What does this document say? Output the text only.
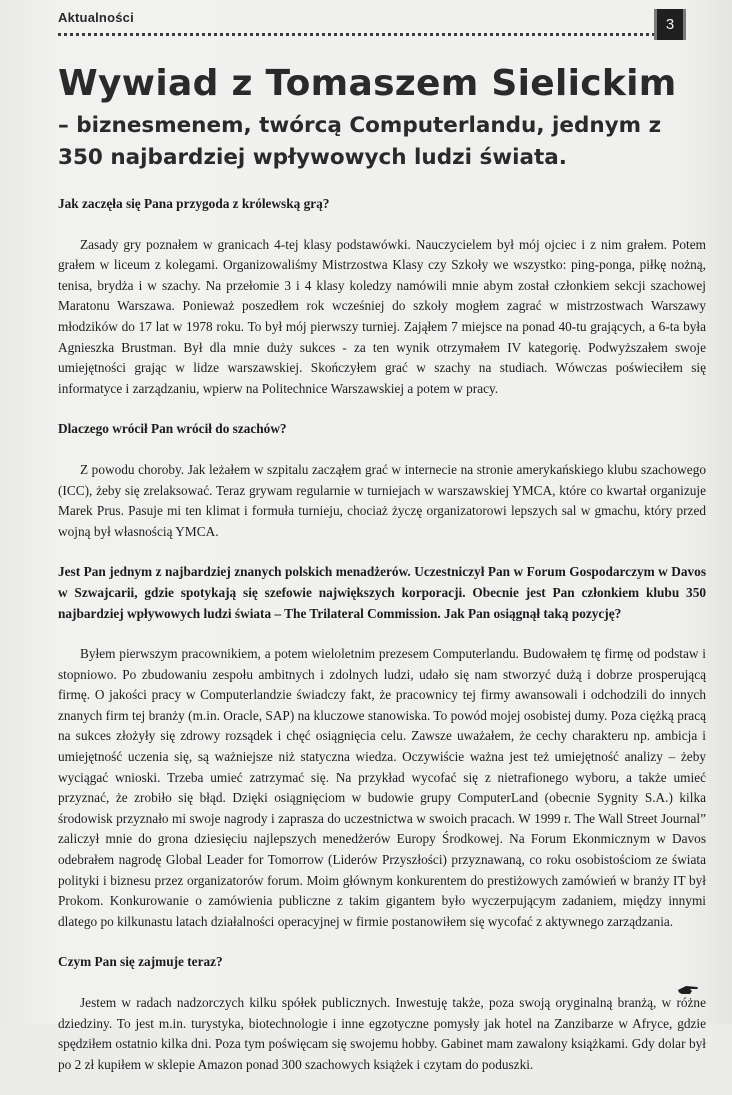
Aktualności	3
Wywiad z Tomaszem Sielickim
– biznesmenem, twórcą Computerlandu, jednym z 350 najbardziej wpływowych ludzi świata.

Jak zaczęła się Pana przygoda z królewską grą?

Zasady gry poznałem w granicach 4-tej klasy podstawówki. Nauczycielem był mój ojciec i z nim grałem. Potem grałem w liceum z kolegami. Organizowaliśmy Mistrzostwa Klasy czy Szkoły we wszystko: ping-ponga, piłkę nożną, tenisa, brydża i w szachy. Na przełomie 3 i 4 klasy koledzy namówili mnie abym został członkiem sekcji szachowej Maratonu Warszawa. Ponieważ poszedłem rok wcześniej do szkoły mogłem zagrać w mistrzostwach Warszawy młodzików do 17 lat w 1978 roku. To był mój pierwszy turniej. Zająłem 7 miejsce na ponad 40-tu grających, a 6-ta była Agnieszka Brustman. Był dla mnie duży sukces - za ten wynik otrzymałem IV kategorię. Podwyższałem swoje umiejętności grając w lidze warszawskiej. Skończyłem grać w szachy na studiach. Wówczas poświeciłem się informatyce i zarządzaniu, wpierw na Politechnice Warszawskiej a potem w pracy.

Dlaczego wrócił Pan wrócił do szachów?

Z powodu choroby. Jak leżałem w szpitalu zacząłem grać w internecie na stronie amerykańskiego klubu szachowego (ICC), żeby się zrelaksować. Teraz grywam regularnie w turniejach w warszawskiej YMCA, które co kwartał organizuje Marek Prus. Pasuje mi ten klimat i formuła turnieju, chociaż życzę organizatorowi lepszych sal w gmachu, który przed wojną był własnością YMCA.

Jest Pan jednym z najbardziej znanych polskich menadżerów. Uczestniczył Pan w Forum Gospodarczym w Davos w Szwajcarii, gdzie spotykają się szefowie największych korporacji. Obecnie jest Pan członkiem klubu 350 najbardziej wpływowych ludzi świata – The Trilateral Commission. Jak Pan osiągnął taką pozycję?

Byłem pierwszym pracownikiem, a potem wieloletnim prezesem Computerlandu. Budowałem tę firmę od podstaw i stopniowo. Po zbudowaniu zespołu ambitnych i zdolnych ludzi, udało się nam stworzyć dużą i dobrze prosperującą firmę. O jakości pracy w Computerlandzie świadczy fakt, że pracownicy tej firmy awansowali i odchodzili do innych znanych firm tej branży (m.in. Oracle, SAP) na kluczowe stanowiska. To powód mojej osobistej dumy. Poza ciężką pracą na sukces złożyły się zdrowy rozsądek i chęć osiągnięcia celu. Zawsze uważałem, że cechy charakteru np. ambicja i umiejętność uczenia się, są ważniejsze niż statyczna wiedza. Oczywiście ważna jest też umiejętność analizy – żeby wyciągać wnioski. Trzeba umieć zatrzymać się. Na przykład wycofać się z nietrafionego wyboru, a także umieć przyznać, że zrobiło się błąd. Dzięki osiągnięciom w budowie grupy ComputerLand (obecnie Sygnity S.A.) kilka środowisk przyznało mi swoje nagrody i zaprasza do uczestnictwa w swoich pracach. W 1999 r. The Wall Street Journal” zaliczył mnie do grona dziesięciu najlepszych menedżerów Europy Środkowej. Na Forum Ekonmicznym w Davos odebrałem nagrodę Global Leader for Tomorrow (Liderów Przyszłości) przyznawaną, co roku osobistościom ze świata polityki i biznesu przez organizatorów forum. Moim głównym konkurentem do prestiżowych zamówień w branży IT był Prokom. Konkurowanie o zamówienia publiczne z takim gigantem było wyczerpującym zadaniem, między innymi dlatego po kilkunastu latach działalności operacyjnej w firmie postanowiłem się wycofać z aktywnego zarządzania.

Czym Pan się zajmuje teraz?

Jestem w radach nadzorczych kilku spółek publicznych. Inwestuję także, poza swoją oryginalną branżą, w różne dziedziny. To jest m.in. turystyka, biotechnologie i inne egzotyczne pomysły jak hotel na Zanzibarze w Afryce, gdzie spędziłem ostatnio kilka dni. Poza tym poświęcam się swojemu hobby. Gabinet mam zawalony książkami. Gdy dolar był po 2 zł kupiłem w sklepie Amazon ponad 300 szachowych książek i czytam do poduszki.
